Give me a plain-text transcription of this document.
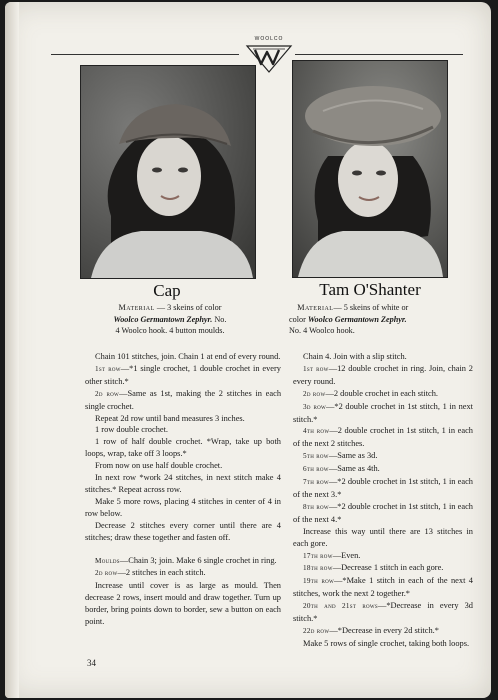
WOOLCO
Cap	Tam O'Shanter
Material — 3 skeins of color
Woolco Germantown Zephyr. No.
4 Woolco hook. 4 button moulds.
Material— 5 skeins of white or
color Woolco Germantown Zephyr.
No. 4 Woolco hook.

Chain 101 stitches, join. Chain 1 at end of every round.

1st row—*1 single crochet, 1 double crochet in every other stitch.*

2d row—Same as 1st, making the 2 stitches in each single crochet.

Repeat 2d row until band measures 3 inches.

1 row double crochet.

1 row of half double crochet. *Wrap, take up both loops, wrap, take off 3 loops.*

From now on use half double crochet.

In next row *work 24 stitches, in next stitch make 4 stitches.* Repeat across row.

Make 5 more rows, placing 4 stitches in center of 4 in row below.

Decrease 2 stitches every corner until there are 4 stitches; draw these together and fasten off.

Moulds—Chain 3; join. Make 6 single crochet in ring.

2d row—2 stitches in each stitch.

Increase until cover is as large as mould. Then decrease 2 rows, insert mould and draw together. Turn up border, bring points down to border, sew a button on each point.

Chain 4. Join with a slip stitch.

1st row—12 double crochet in ring. Join, chain 2 every round.

2d row—2 double crochet in each stitch.

3d row—*2 double crochet in 1st stitch, 1 in next stitch.*

4th row—2 double crochet in 1st stitch, 1 in each of the next 2 stitches.

5th row—Same as 3d.

6th row—Same as 4th.

7th row—*2 double crochet in 1st stitch, 1 in each of the next 3.*

8th row—*2 double crochet in 1st stitch, 1 in each of the next 4.*

Increase this way until there are 13 stitches in each gore.

17th row—Even.

18th row—Decrease 1 stitch in each gore.

19th row—*Make 1 stitch in each of the next 4 stitches, work the next 2 together.*

20th and 21st rows—*Decrease in every 3d stitch.*

22d row—*Decrease in every 2d stitch.*

Make 5 rows of single crochet, taking both loops.

34
